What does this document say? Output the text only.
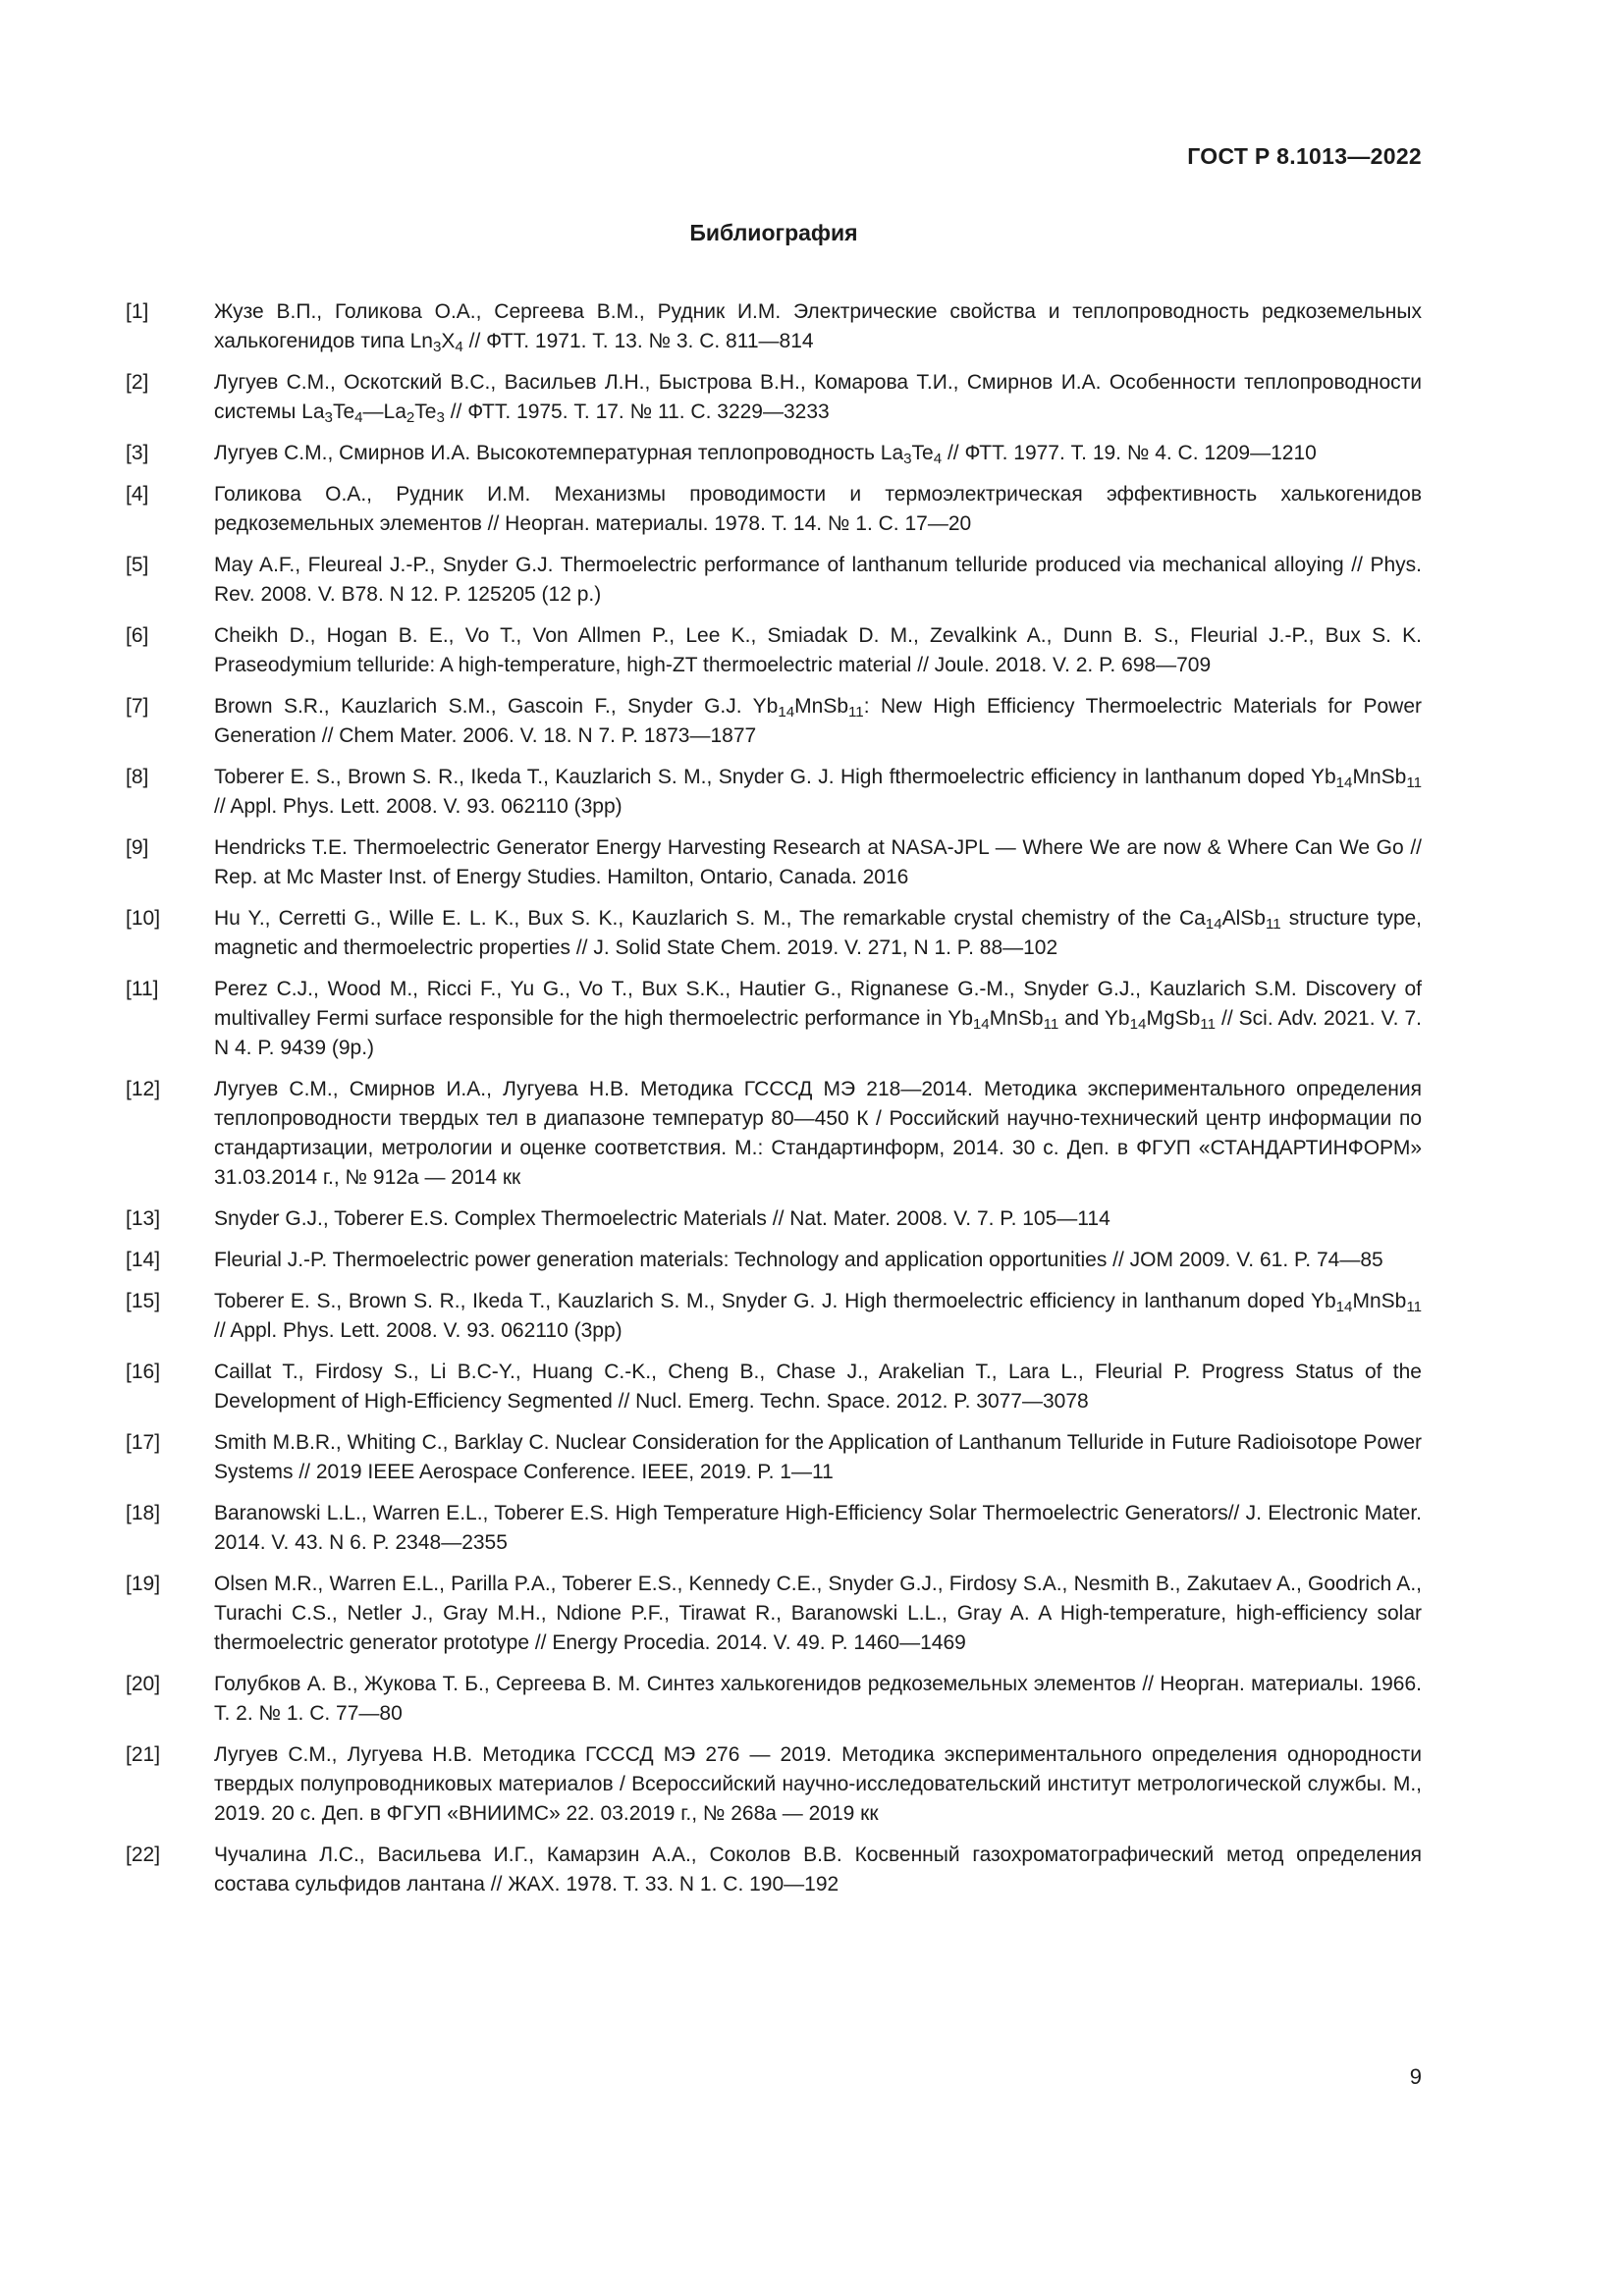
ГОСТ Р 8.1013—2022
Библиография
[1]	Жузе В.П., Голикова О.А., Сергеева В.М., Рудник И.М. Электрические свойства и теплопроводность редкоземельных халькогенидов типа $Ln_3X_4$ // ФТТ. 1971. Т. 13. № 3. С. 811—814
[2]	Лугуев С.М., Оскотский В.С., Васильев Л.Н., Быстрова В.Н., Комарова Т.И., Смирнов И.А. Особенности теплопроводности системы $La_3Te_4—La_2Te_3$ // ФТТ. 1975. Т. 17. № 11. С. 3229—3233
[3]	Лугуев С.М., Смирнов И.А. Высокотемпературная теплопроводность $La_3Te_4$ // ФТТ. 1977. Т. 19. № 4. С. 1209—1210
[4]	Голикова О.А., Рудник И.М. Механизмы проводимости и термоэлектрическая эффективность халькогенидов редкоземельных элементов // Неорган. материалы. 1978. Т. 14. № 1. С. 17—20
[5]	May A.F., Fleureal J.-P., Snyder G.J. Thermoelectric performance of lanthanum telluride produced via mechanical alloying // Phys. Rev. 2008. V. B78. N 12. P. 125205 (12 p.)
[6]	Cheikh D., Hogan B. E., Vo T., Von Allmen P., Lee K., Smiadak D. M., Zevalkink A., Dunn B. S., Fleurial J.-P., Bux S. K. Praseodymium telluride: A high-temperature, high-ZT thermoelectric material // Joule. 2018. V. 2. P. 698—709
[7]	Brown S.R., Kauzlarich S.M., Gascoin F., Snyder G.J. $Yb_{14}MnSb_{11}$: New High Efficiency Thermoelectric Materials for Power Generation // Chem Mater. 2006. V. 18. N 7. P. 1873—1877
[8]	Toberer E. S., Brown S. R., Ikeda T., Kauzlarich S. M., Snyder G. J. High fthermoelectric efficiency in lanthanum doped $Yb_{14}MnSb_{11}$ // Appl. Phys. Lett. 2008. V. 93. 062110 (3pp)
[9]	Hendricks T.E. Thermoelectric Generator Energy Harvesting Research at NASA-JPL — Where We are now & Where Can We Go // Rep. at Mc Master Inst. of Energy Studies. Hamilton, Ontario, Canada. 2016
[10]	Hu Y., Cerretti G., Wille E. L. K., Bux S. K., Kauzlarich S. M., The remarkable crystal chemistry of the $Ca_{14}AlSb_{11}$ structure type, magnetic and thermoelectric properties // J. Solid State Chem. 2019. V. 271, N 1. P. 88—102
[11]	Perez C.J., Wood M., Ricci F., Yu G., Vo T., Bux S.K., Hautier G., Rignanese G.-M., Snyder G.J., Kauzlarich S.M. Discovery of multivalley Fermi surface responsible for the high thermoelectric performance in $Yb_{14}MnSb_{11}$ and $Yb_{14}MgSb_{11}$ // Sci. Adv. 2021. V. 7. N 4. P. 9439 (9p.)
[12]	Лугуев С.М., Смирнов И.А., Лугуева Н.В. Методика ГСССД МЭ 218—2014. Методика экспериментального определения теплопроводности твердых тел в диапазоне температур 80—450 К / Российский научно-технический центр информации по стандартизации, метрологии и оценке соответствия. М.: Стандартинформ, 2014. 30 с. Деп. в ФГУП «СТАНДАРТИНФОРМ» 31.03.2014 г., № 912а — 2014 кк
[13]	Snyder G.J., Toberer E.S. Complex Thermoelectric Materials // Nat. Mater. 2008. V. 7. P. 105—114
[14]	Fleurial J.-P. Thermoelectric power generation materials: Technology and application opportunities // JOM 2009. V. 61. P. 74—85
[15]	Toberer E. S., Brown S. R., Ikeda T., Kauzlarich S. M., Snyder G. J. High thermoelectric efficiency in lanthanum doped $Yb_{14}MnSb_{11}$ // Appl. Phys. Lett. 2008. V. 93. 062110 (3pp)
[16]	Caillat T., Firdosy S., Li B.C-Y., Huang C.-K., Cheng B., Chase J., Arakelian T., Lara L., Fleurial P. Progress Status of the Development of High-Efficiency Segmented // Nucl. Emerg. Techn. Space. 2012. P. 3077—3078
[17]	Smith M.B.R., Whiting C., Barklay C. Nuclear Consideration for the Application of Lanthanum Telluride in Future Radioisotope Power Systems // 2019 IEEE Aerospace Conference. IEEE, 2019. P. 1—11
[18]	Baranowski L.L., Warren E.L., Toberer E.S. High Temperature High-Efficiency Solar Thermoelectric Generators// J. Electronic Mater. 2014. V. 43. N 6. P. 2348—2355
[19]	Olsen M.R., Warren E.L., Parilla P.A., Toberer E.S., Kennedy C.E., Snyder G.J., Firdosy S.A., Nesmith B., Zakutaev A., Goodrich A., Turachi C.S., Netler J., Gray M.H., Ndione P.F., Tirawat R., Baranowski L.L., Gray A. A High-temperature, high-efficiency solar thermoelectric generator prototype // Energy Procedia. 2014. V. 49. P. 1460—1469
[20]	Голубков А. В., Жукова Т. Б., Сергеева В. М. Синтез халькогенидов редкоземельных элементов // Неорган. материалы. 1966. Т. 2. № 1. С. 77—80
[21]	Лугуев С.М., Лугуева Н.В. Методика ГСССД МЭ 276 — 2019. Методика экспериментального определения однородности твердых полупроводниковых материалов / Всероссийский научно-исследовательский институт метрологической службы. М., 2019. 20 с. Деп. в ФГУП «ВНИИМС» 22. 03.2019 г., № 268а — 2019 кк
[22]	Чучалина Л.С., Васильева И.Г., Камарзин А.А., Соколов В.В. Косвенный газохроматографический метод определения состава сульфидов лантана // ЖАХ. 1978. Т. 33. N 1. С. 190—192
9
